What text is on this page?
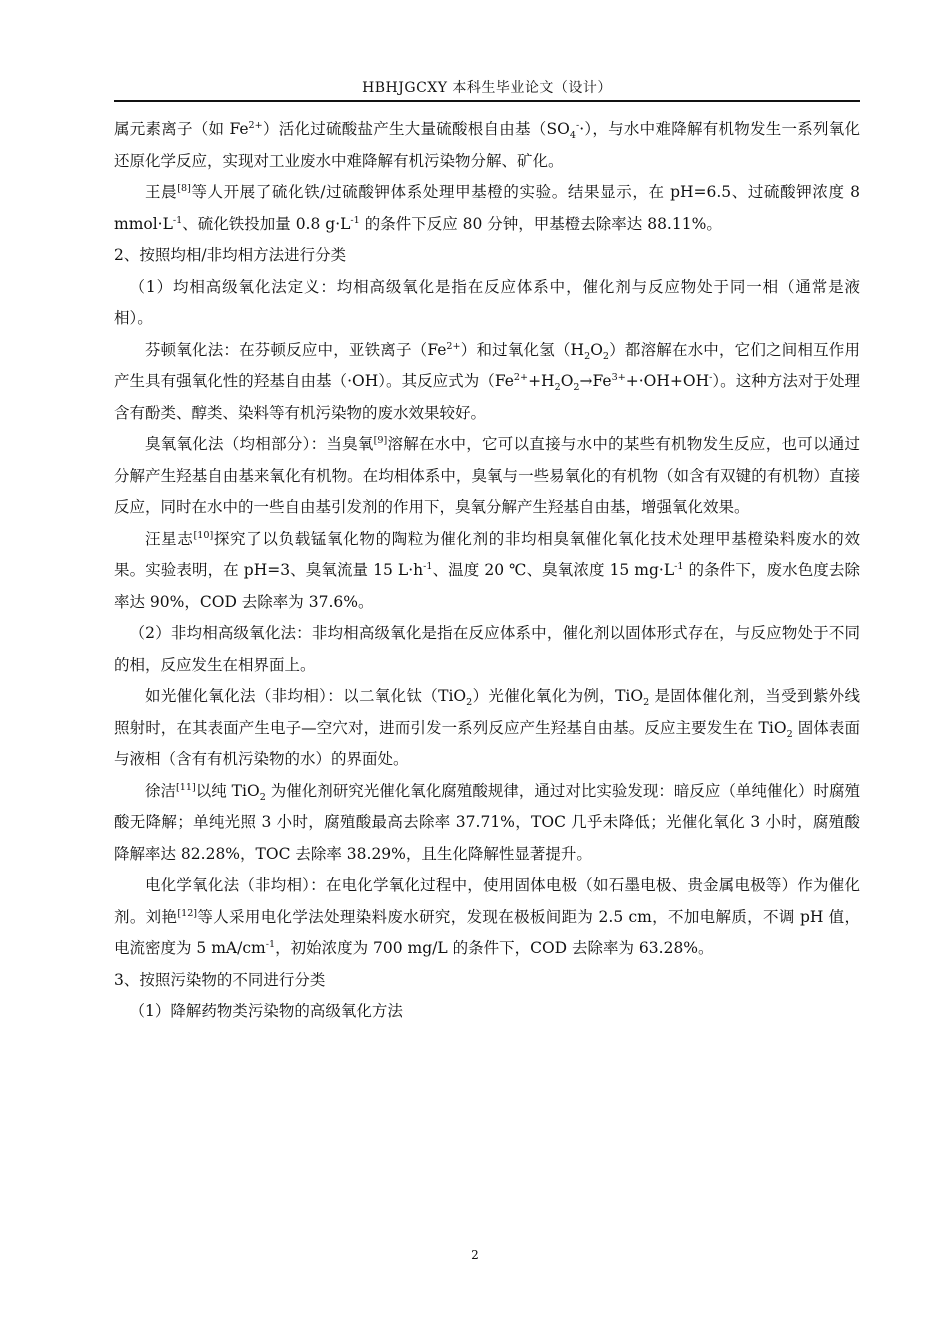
HBHJGCXY 本科生毕业论文（设计）

属元素离子（如 $Fe^{2+}$）活化过硫酸盐产生大量硫酸根自由基$(SO_4^-\cdot)$，与水中难降解有机物发生一系列氧化还原化学反应，实现对工业废水中难降解有机污染物分解、矿化。

王晨[8]等人开展了硫化铁/过硫酸钾体系处理甲基橙的实验。结果显示，在 pH=6.5、过硫酸钾浓度 8 $mmol\cdot L^{-1}$、硫化铁投加量 0.8 $g\cdot L^{-1}$ 的条件下反应 80 分钟，甲基橙去除率达 88.11%。

2、按照均相/非均相方法进行分类

（1）均相高级氧化法定义：均相高级氧化是指在反应体系中，催化剂与反应物处于同一相（通常是液相）。

芬顿氧化法：在芬顿反应中，亚铁离子$(Fe^{2+})$和过氧化氢$(H_2O_2)$都溶解在水中，它们之间相互作用产生具有强氧化性的羟基自由基（·OH）。其反应式为$(Fe^{2+}+H_2O_2\to Fe^{3+}+\cdot OH+OH^-)$。这种方法对于处理含有酚类、醇类、染料等有机污染物的废水效果较好。

臭氧氧化法（均相部分）：当臭氧[9]溶解在水中，它可以直接与水中的某些有机物发生反应，也可以通过分解产生羟基自由基来氧化有机物。在均相体系中，臭氧与一些易氧化的有机物（如含有双键的有机物）直接反应，同时在水中的一些自由基引发剂的作用下，臭氧分解产生羟基自由基，增强氧化效果。

汪星志[10]探究了以负载锰氧化物的陶粒为催化剂的非均相臭氧催化氧化技术处理甲基橙染料废水的效果。实验表明，在 pH=3、臭氧流量 15 $L\cdot h^{-1}$、温度 20 ℃、臭氧浓度 15 $mg\cdot L^{-1}$ 的条件下，废水色度去除率达 90%，COD 去除率为 37.6%。

（2）非均相高级氧化法：非均相高级氧化是指在反应体系中，催化剂以固体形式存在，与反应物处于不同的相，反应发生在相界面上。

如光催化氧化法（非均相）：以二氧化钛（TiO$_2$）光催化氧化为例，TiO$_2$ 是固体催化剂，当受到紫外线照射时，在其表面产生电子—空穴对，进而引发一系列反应产生羟基自由基。反应主要发生在 TiO$_2$ 固体表面与液相（含有有机污染物的水）的界面处。

徐洁[11]以纯 TiO$_2$ 为催化剂研究光催化氧化腐殖酸规律，通过对比实验发现：暗反应（单纯催化）时腐殖酸无降解；单纯光照 3 小时，腐殖酸最高去除率 37.71%，TOC 几乎未降低；光催化氧化 3 小时，腐殖酸降解率达 82.28%，TOC 去除率 38.29%，且生化降解性显著提升。

电化学氧化法（非均相）：在电化学氧化过程中，使用固体电极（如石墨电极、贵金属电极等）作为催化剂。刘艳[12]等人采用电化学法处理染料废水研究，发现在极板间距为 2.5 cm，不加电解质，不调 pH 值，电流密度为 5 $mA/cm^{-1}$，初始浓度为 700 mg/L 的条件下，COD 去除率为 63.28%。

3、按照污染物的不同进行分类

（1）降解药物类污染物的高级氧化方法

2
